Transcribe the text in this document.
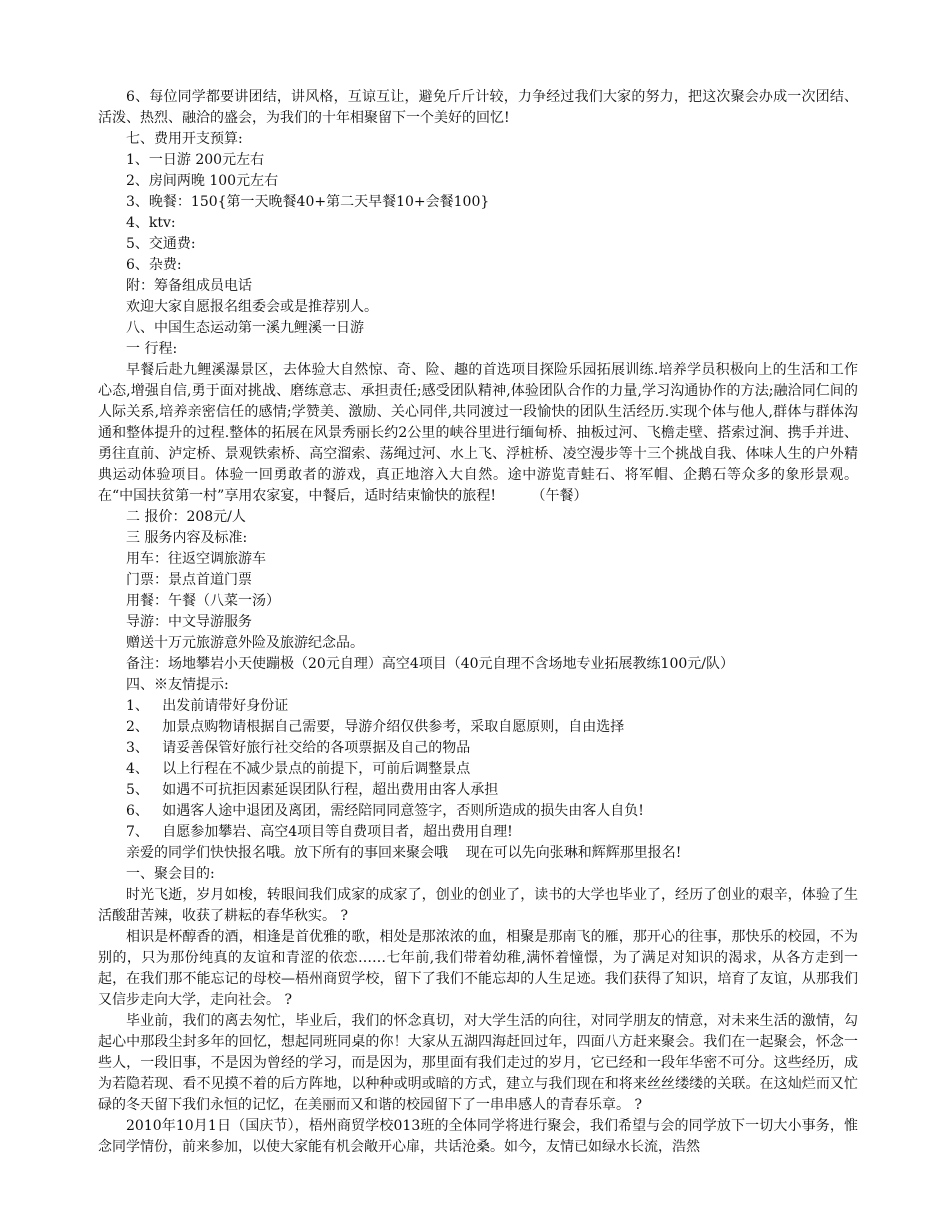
6、每位同学都要讲团结，讲风格，互谅互让，避免斤斤计较，力争经过我们大家的努力，把这次聚会办成一次团结、活泼、热烈、融洽的盛会，为我们的十年相聚留下一个美好的回忆!

七、费用开支预算:

1、一日游 200元左右

2、房间两晚 100元左右

3、晚餐：150{第一天晚餐40+第二天早餐10+会餐100}

4、ktv:

5、交通费:

6、杂费:

附：筹备组成员电话

欢迎大家自愿报名组委会或是推荐别人。

八、中国生态运动第一溪九鲤溪一日游

一 行程:

早餐后赴九鲤溪瀑景区，去体验大自然惊、奇、险、趣的首选项目探险乐园拓展训练.培养学员积极向上的生活和工作心态,增强自信,勇于面对挑战、磨练意志、承担责任;感受团队精神,体验团队合作的力量,学习沟通协作的方法;融洽同仁间的人际关系,培养亲密信任的感情;学赞美、激励、关心同伴,共同渡过一段愉快的团队生活经历.实现个体与他人,群体与群体沟通和整体提升的过程.整体的拓展在风景秀丽长约2公里的峡谷里进行缅甸桥、抽板过河、飞檐走壁、搭索过涧、携手并进、勇往直前、泸定桥、景观铁索桥、高空溜索、荡绳过河、水上飞、浮桩桥、凌空漫步等十三个挑战自我、体味人生的户外精典运动体验项目。体验一回勇敢者的游戏，真正地溶入大自然。途中游览青蛙石、将军帽、企鹅石等众多的象形景观。在“中国扶贫第一村”享用农家宴，中餐后，适时结束愉快的旅程!        （午餐）

二 报价：208元/人

三 服务内容及标准:

用车：往返空调旅游车

门票：景点首道门票

用餐：午餐（八菜一汤）

导游：中文导游服务

赠送十万元旅游意外险及旅游纪念品。

备注：场地攀岩小天使蹦极（20元自理）高空4项目（40元自理不含场地专业拓展教练100元/队）

四、※友情提示:

1、   出发前请带好身份证

2、   加景点购物请根据自己需要，导游介绍仅供参考，采取自愿原则，自由选择

3、   请妥善保管好旅行社交给的各项票据及自己的物品

4、   以上行程在不减少景点的前提下，可前后调整景点

5、   如遇不可抗拒因素延误团队行程，超出费用由客人承担

6、   如遇客人途中退团及离团，需经陪同同意签字，否则所造成的损失由客人自负!

7、   自愿参加攀岩、高空4项目等自费项目者，超出费用自理!

亲爱的同学们快快报名哦。放下所有的事回来聚会哦    现在可以先向张琳和辉辉那里报名!

一、聚会目的:

时光飞逝，岁月如梭，转眼间我们成家的成家了，创业的创业了，读书的大学也毕业了，经历了创业的艰辛，体验了生活酸甜苦辣，收获了耕耘的春华秋实。 ?

相识是杯醇香的酒，相逢是首优雅的歌，相处是那浓浓的血，相聚是那南飞的雁，那开心的往事，那快乐的校园，不为别的，只为那份纯真的友谊和青涩的依恋……七年前,我们带着幼稚,满怀着憧憬，为了满足对知识的渴求，从各方走到一起，在我们那不能忘记的母校—梧州商贸学校，留下了我们不能忘却的人生足迹。我们获得了知识，培育了友谊，从那我们又信步走向大学，走向社会。 ?

毕业前，我们的离去匆忙，毕业后，我们的怀念真切，对大学生活的向往，对同学朋友的情意，对未来生活的激情，勾起心中那段尘封多年的回忆，想起同班同桌的你！大家从五湖四海赶回过年，四面八方赶来聚会。我们在一起聚会，怀念一些人，一段旧事，不是因为曾经的学习，而是因为，那里面有我们走过的岁月，它已经和一段年华密不可分。这些经历，成为若隐若现、看不见摸不着的后方阵地，以种种或明或暗的方式，建立与我们现在和将来丝丝缕缕的关联。在这灿烂而又忙碌的冬天留下我们永恒的记忆，在美丽而又和谐的校园留下了一串串感人的青春乐章。 ?

2010年10月1日（国庆节），梧州商贸学校013班的全体同学将进行聚会，我们希望与会的同学放下一切大小事务，惟念同学情份，前来参加，以使大家能有机会敞开心扉，共话沧桑。如今，友情已如绿水长流，浩然
